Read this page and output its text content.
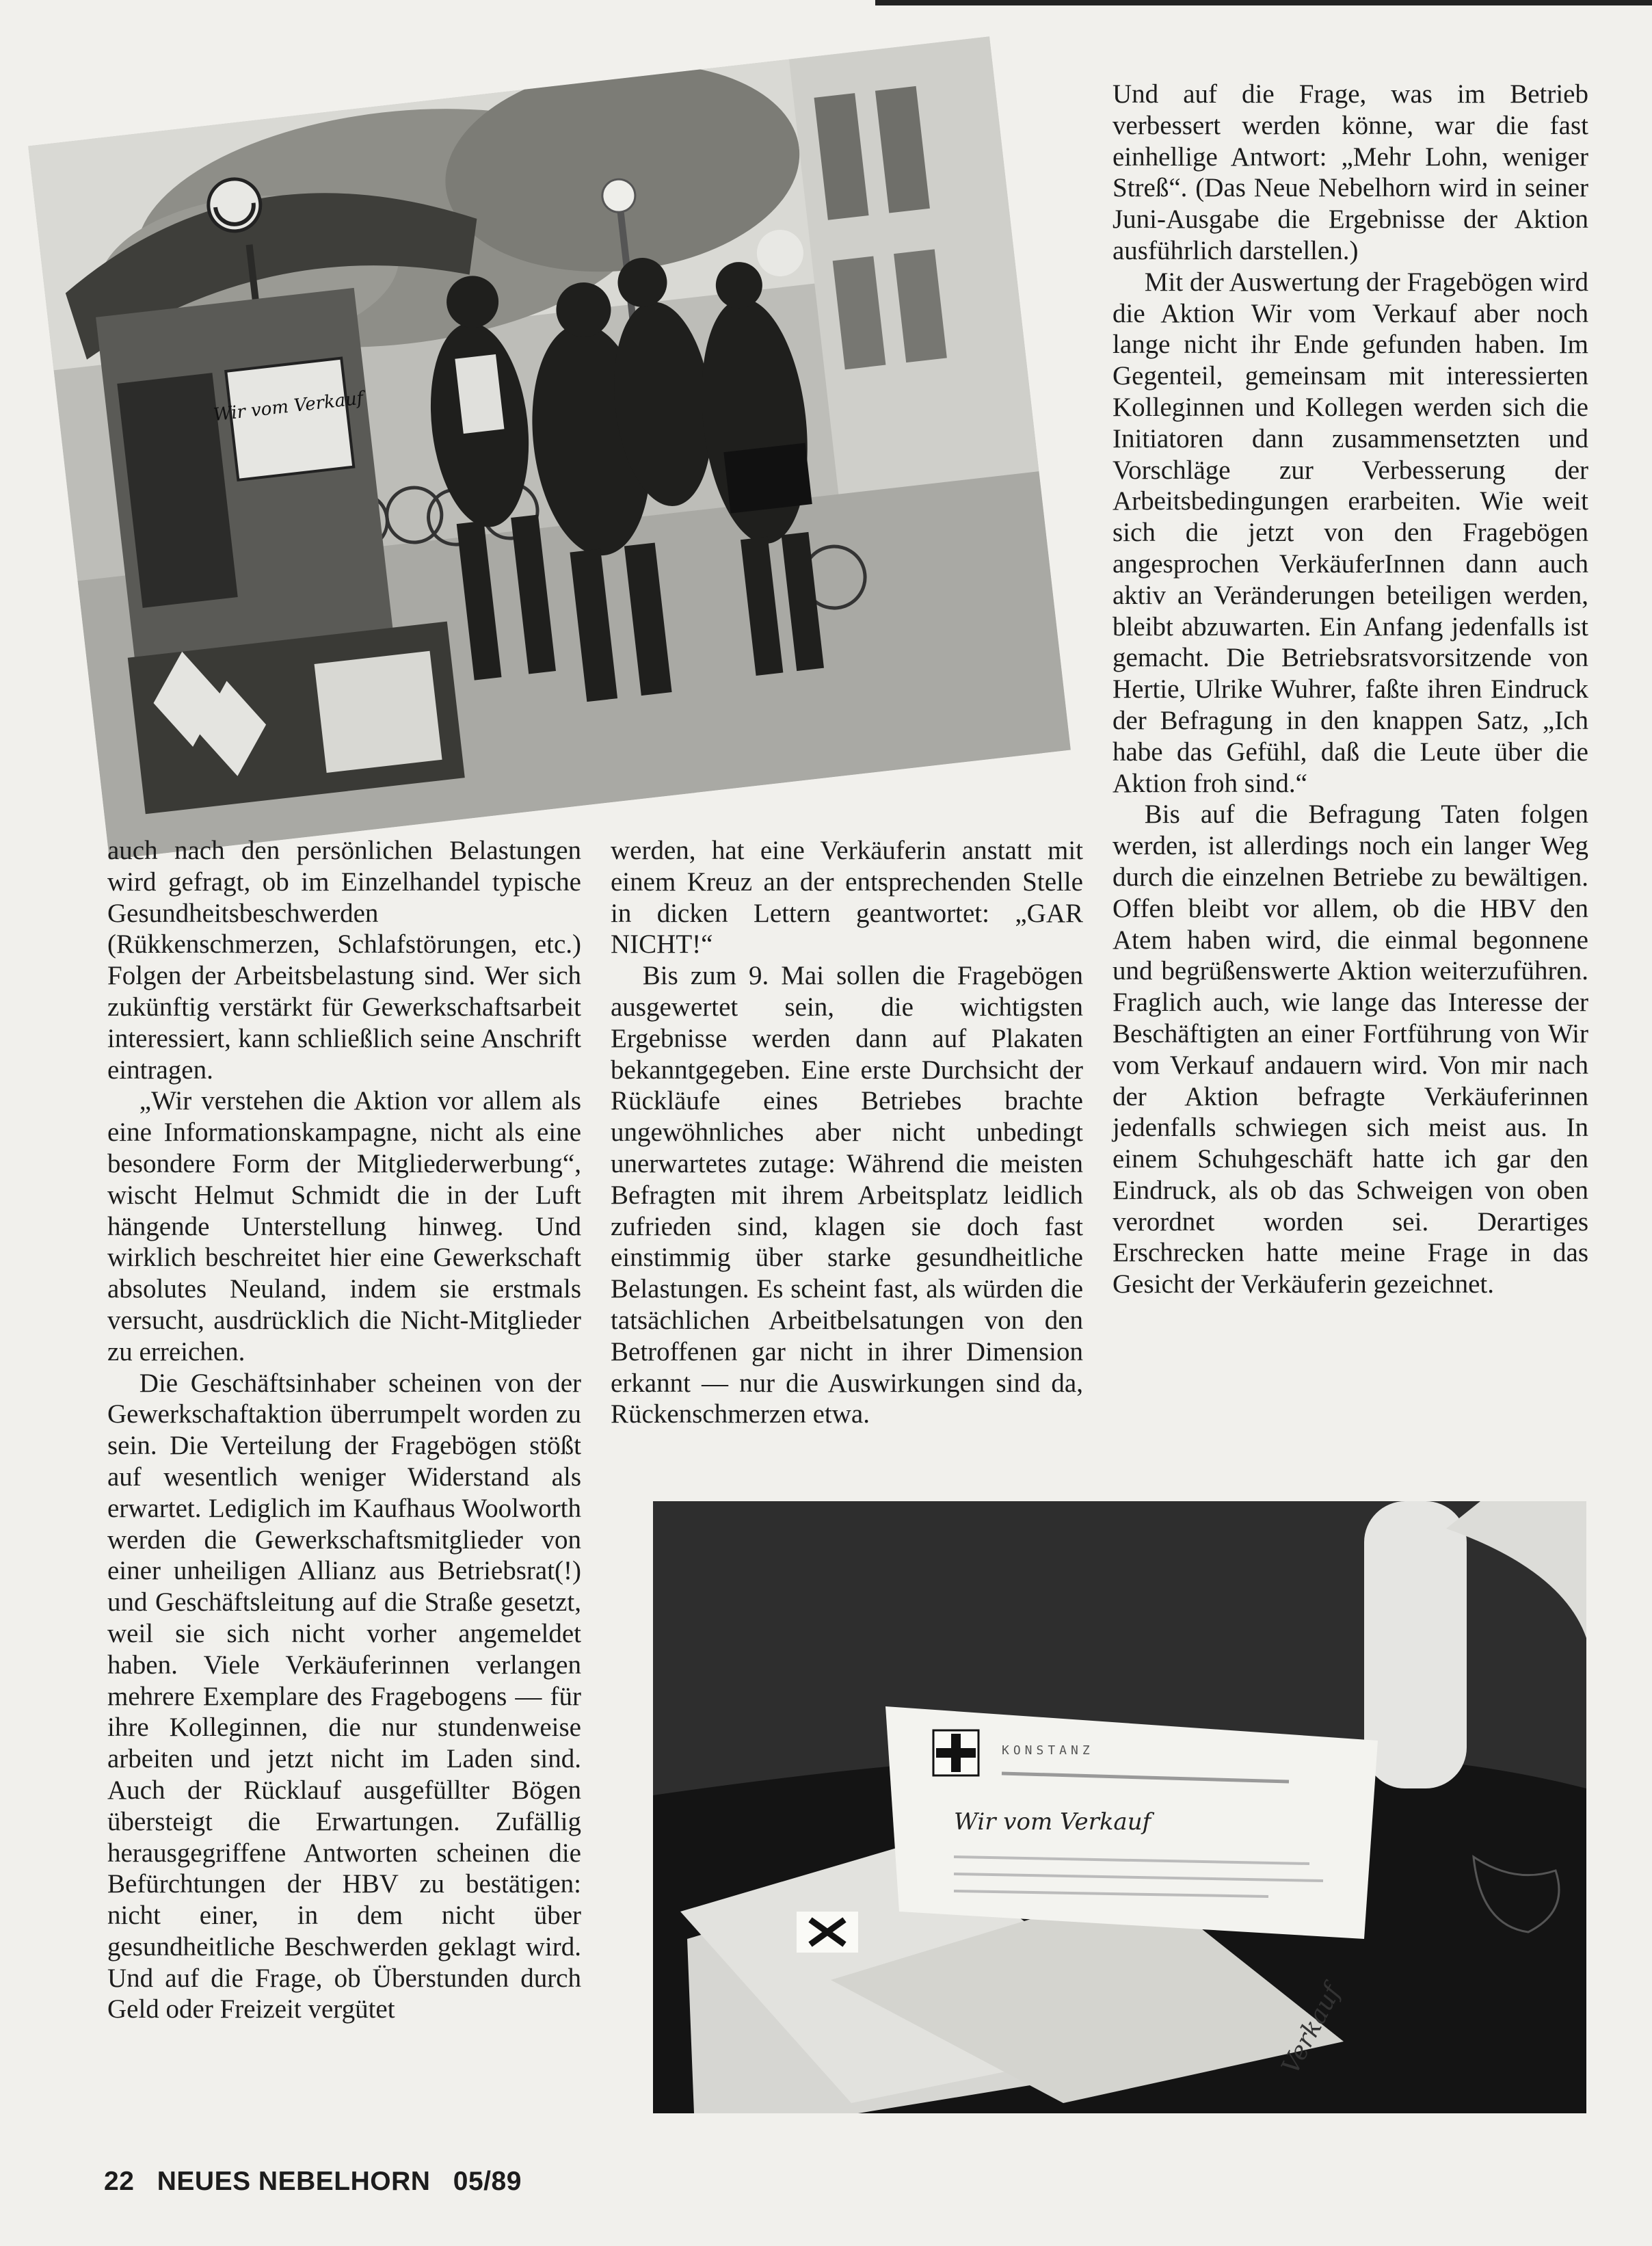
Wir vom Verkauf
Verkauf
KONSTANZ
Wir vom Verkauf

auch nach den persönlichen Belastungen wird gefragt, ob im Einzelhandel typische Gesundheitsbeschwerden (Rükkenschmerzen, Schlafstörungen, etc.) Folgen der Arbeitsbelastung sind. Wer sich zukünftig verstärkt für Gewerkschaftsarbeit interessiert, kann schließlich seine Anschrift eintragen.

„Wir verstehen die Aktion vor allem als eine Informationskampagne, nicht als eine besondere Form der Mitgliederwerbung“, wischt Helmut Schmidt die in der Luft hängende Unterstellung hinweg. Und wirklich beschreitet hier eine Gewerkschaft absolutes Neuland, indem sie erstmals versucht, ausdrücklich die Nicht-Mitglieder zu erreichen.

Die Geschäftsinhaber scheinen von der Gewerkschaftaktion überrumpelt worden zu sein. Die Verteilung der Fragebögen stößt auf wesentlich weniger Widerstand als erwartet. Lediglich im Kaufhaus Woolworth werden die Gewerkschaftsmitglieder von einer unheiligen Allianz aus Betriebsrat(!) und Geschäftsleitung auf die Straße gesetzt, weil sie sich nicht vorher angemeldet haben. Viele Verkäuferinnen verlangen mehrere Exemplare des Fragebogens — für ihre Kolleginnen, die nur stundenweise arbeiten und jetzt nicht im Laden sind. Auch der Rücklauf ausgefüllter Bögen übersteigt die Erwartungen. Zufällig herausgegriffene Antworten scheinen die Befürchtungen der HBV zu bestätigen: nicht einer, in dem nicht über gesundheitliche Beschwerden geklagt wird. Und auf die Frage, ob Überstunden durch Geld oder Freizeit vergütet

werden, hat eine Verkäuferin anstatt mit einem Kreuz an der entsprechenden Stelle in dicken Lettern geantwortet: „GAR NICHT!“

Bis zum 9. Mai sollen die Fragebögen ausgewertet sein, die wichtigsten Ergebnisse werden dann auf Plakaten bekanntgegeben. Eine erste Durchsicht der Rückläufe eines Betriebes brachte ungewöhnliches aber nicht unbedingt unerwartetes zutage: Während die meisten Befragten mit ihrem Arbeitsplatz leidlich zufrieden sind, klagen sie doch fast einstimmig über starke gesundheitliche Belastungen. Es scheint fast, als würden die tatsächlichen Arbeitbelsatungen von den Betroffenen gar nicht in ihrer Dimension erkannt — nur die Auswirkungen sind da, Rückenschmerzen etwa.

Und auf die Frage, was im Betrieb verbessert werden könne, war die fast einhellige Antwort: „Mehr Lohn, weniger Streß“. (Das Neue Nebelhorn wird in seiner Juni-Ausgabe die Ergebnisse der Aktion ausführlich darstellen.)

Mit der Auswertung der Fragebögen wird die Aktion Wir vom Verkauf aber noch lange nicht ihr Ende gefunden haben. Im Gegenteil, gemeinsam mit interessierten Kolleginnen und Kollegen werden sich die Initiatoren dann zusammensetzten und Vorschläge zur Verbesserung der Arbeitsbedingungen erarbeiten. Wie weit sich die jetzt von den Fragebögen angesprochen VerkäuferInnen dann auch aktiv an Veränderungen beteiligen werden, bleibt abzuwarten. Ein Anfang jedenfalls ist gemacht. Die Betriebsratsvorsitzende von Hertie, Ulrike Wuhrer, faßte ihren Eindruck der Befragung in den knappen Satz, „Ich habe das Gefühl, daß die Leute über die Aktion froh sind.“

Bis auf die Befragung Taten folgen werden, ist allerdings noch ein langer Weg durch die einzelnen Betriebe zu bewältigen. Offen bleibt vor allem, ob die HBV den Atem haben wird, die einmal begonnene und begrüßenswerte Aktion weiterzuführen. Fraglich auch, wie lange das Interesse der Beschäftigten an einer Fortführung von Wir vom Verkauf andauern wird. Von mir nach der Aktion befragte Verkäuferinnen jedenfalls schwiegen sich meist aus. In einem Schuhgeschäft hatte ich gar den Eindruck, als ob das Schweigen von oben verordnet worden sei. Derartiges Erschrecken hatte meine Frage in das Gesicht der Verkäuferin gezeichnet.

22 NEUES NEBELHORN 05/89
